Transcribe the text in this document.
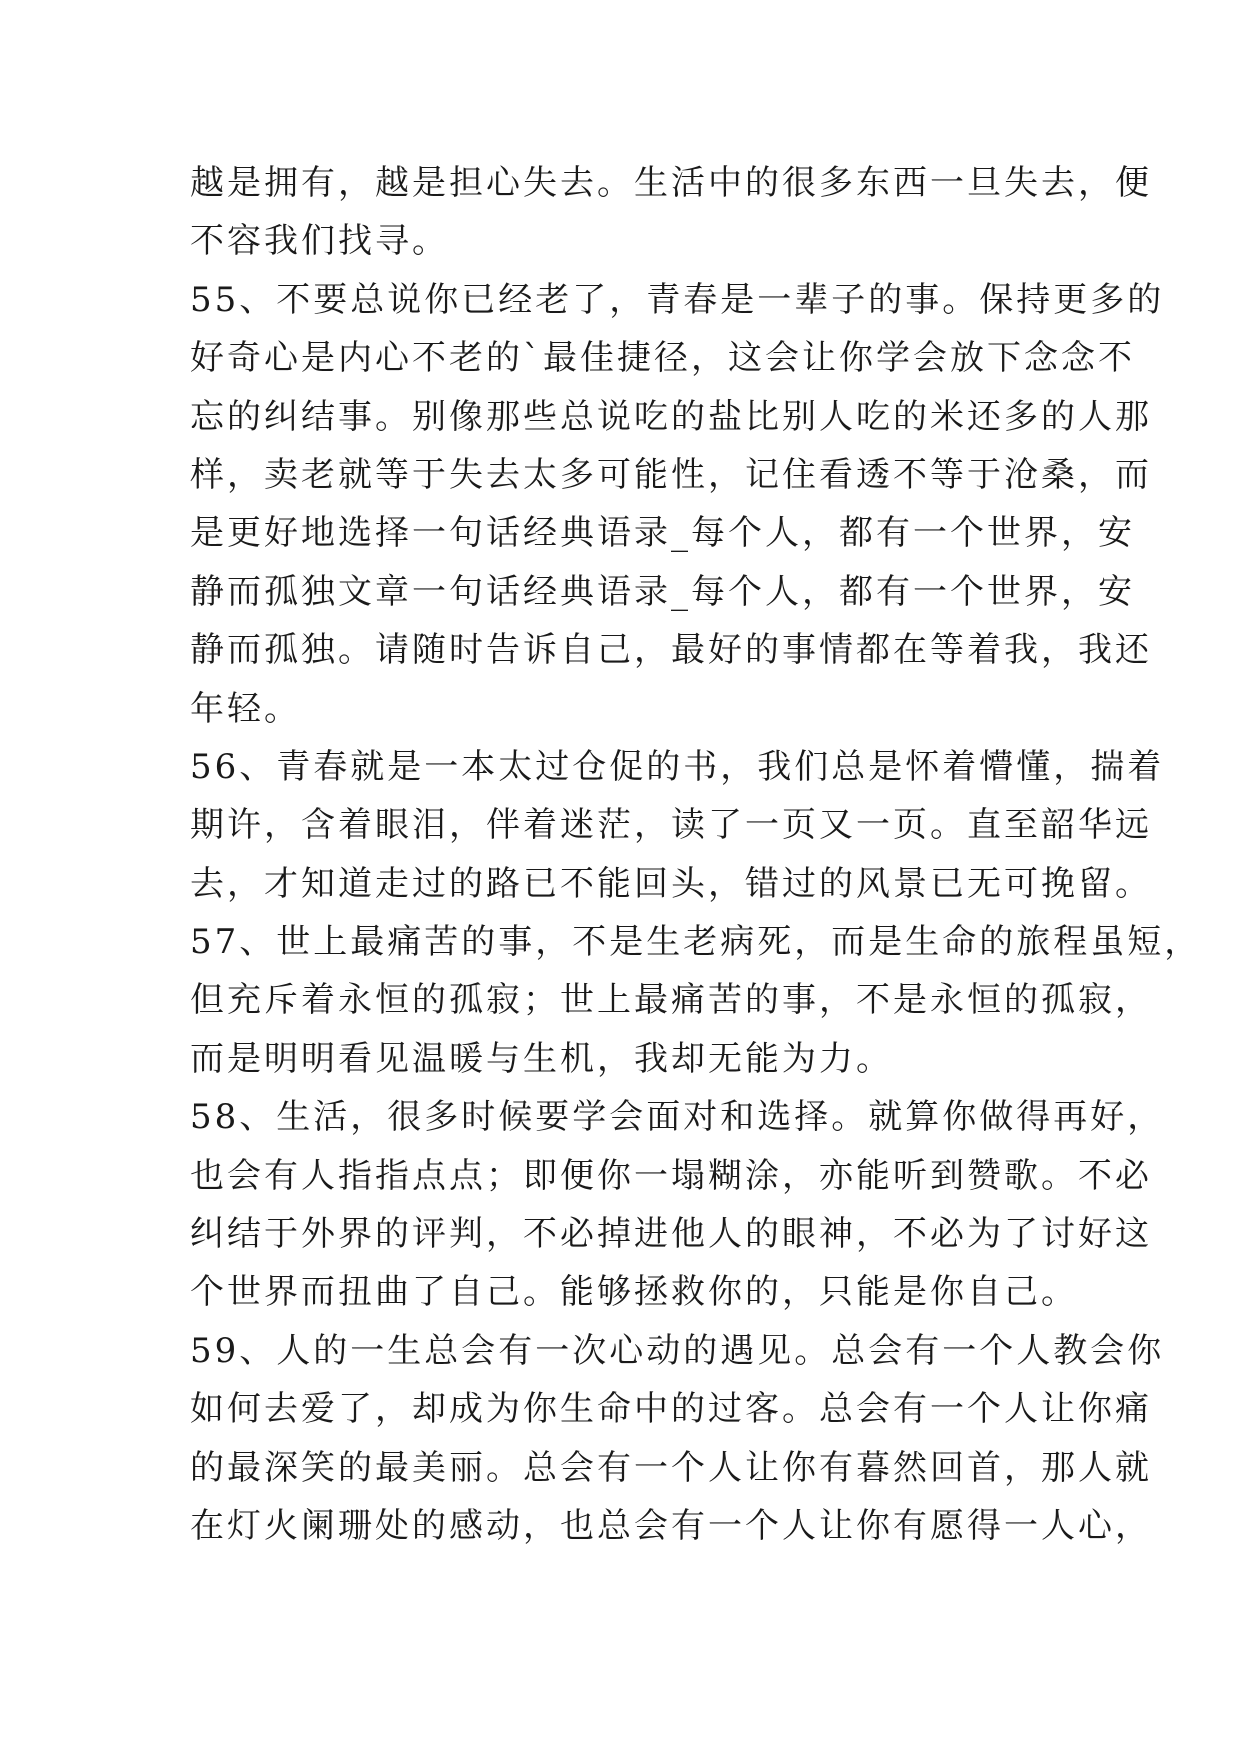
越是拥有，越是担心失去。生活中的很多东西一旦失去，便
不容我们找寻。
55、不要总说你已经老了，青春是一辈子的事。保持更多的
好奇心是内心不老的`最佳捷径，这会让你学会放下念念不
忘的纠结事。别像那些总说吃的盐比别人吃的米还多的人那
样，卖老就等于失去太多可能性，记住看透不等于沧桑，而
是更好地选择一句话经典语录_每个人，都有一个世界，安
静而孤独文章一句话经典语录_每个人，都有一个世界，安
静而孤独。请随时告诉自己，最好的事情都在等着我，我还
年轻。
56、青春就是一本太过仓促的书，我们总是怀着懵懂，揣着
期许，含着眼泪，伴着迷茫，读了一页又一页。直至韶华远
去，才知道走过的路已不能回头，错过的风景已无可挽留。
57、世上最痛苦的事，不是生老病死，而是生命的旅程虽短，
但充斥着永恒的孤寂；世上最痛苦的事，不是永恒的孤寂，
而是明明看见温暖与生机，我却无能为力。
58、生活，很多时候要学会面对和选择。就算你做得再好，
也会有人指指点点；即便你一塌糊涂，亦能听到赞歌。不必
纠结于外界的评判，不必掉进他人的眼神，不必为了讨好这
个世界而扭曲了自己。能够拯救你的，只能是你自己。
59、人的一生总会有一次心动的遇见。总会有一个人教会你
如何去爱了，却成为你生命中的过客。总会有一个人让你痛
的最深笑的最美丽。总会有一个人让你有暮然回首，那人就
在灯火阑珊处的感动，也总会有一个人让你有愿得一人心，
